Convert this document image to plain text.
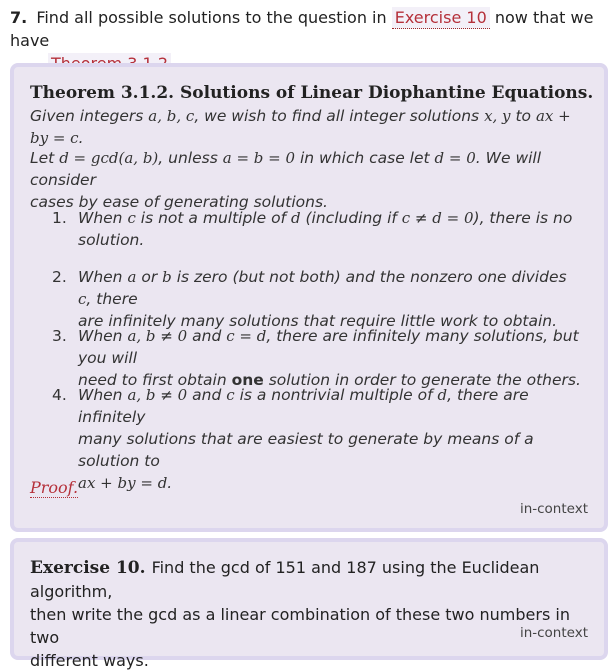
7. Find all possible solutions to the question in Exercise 10 now that we have

Theorem 3.1.2. Solutions of Linear Diophantine Equations.
Given integers a, b, c, we wish to find all integer solutions x, y to ax + by = c.
Let d = gcd(a, b), unless a = b = 0 in which case let d = 0. We will consider
cases by ease of generating solutions.
1. When c is not a multiple of d (including if c ≠ d = 0), there is no
solution.
2. When a or b is zero (but not both) and the nonzero one divides c, there
are infinitely many solutions that require little work to obtain.
3. When a, b ≠ 0 and c = d, there are infinitely many solutions, but you will
need to first obtain one solution in order to generate the others.
4. When a, b ≠ 0 and c is a nontrivial multiple of d, there are infinitely
many solutions that are easiest to generate by means of a solution to
ax + by = d.
Proof.
in-context
Exercise 10. Find the gcd of 151 and 187 using the Euclidean algorithm,
then write the gcd as a linear combination of these two numbers in two
different ways.
in-context
